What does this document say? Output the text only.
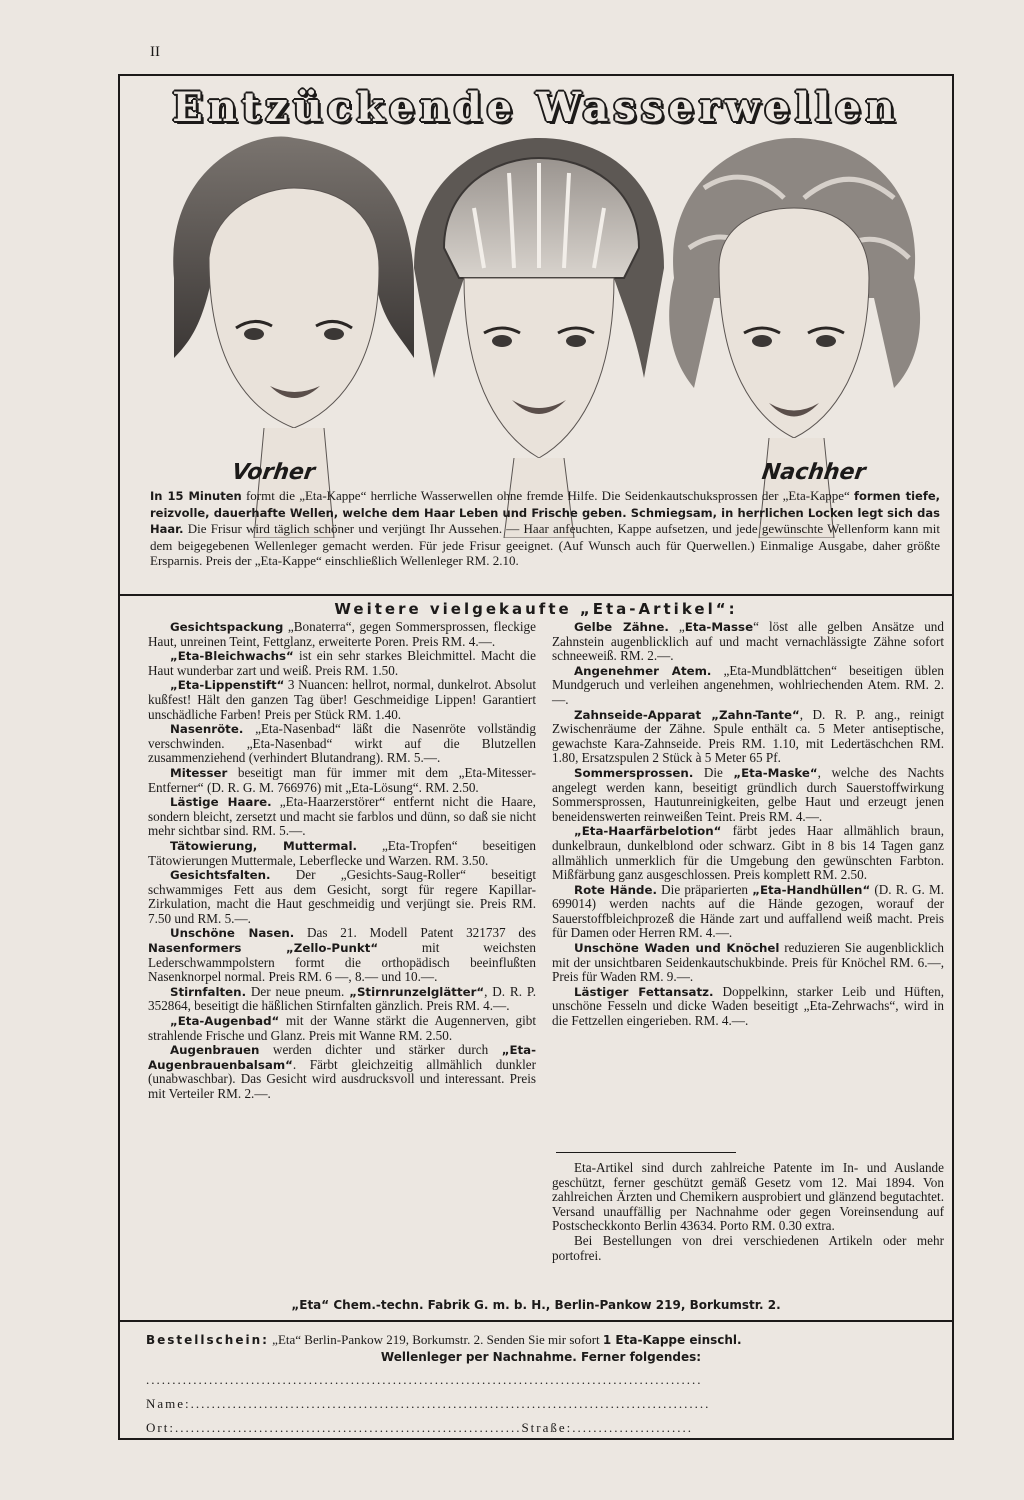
II
Entzückende Wasserwellen
Vorher	Nachher
In 15 Minuten formt die „Eta-Kappe“ herrliche Wasserwellen ohne fremde Hilfe. Die Seidenkautschuksprossen der „Eta-Kappe“ formen tiefe, reizvolle, dauerhafte Wellen, welche dem Haar Leben und Frische geben. Schmiegsam, in herrlichen Locken legt sich das Haar. Die Frisur wird täglich schöner und verjüngt Ihr Aussehen. — Haar anfeuchten, Kappe aufsetzen, und jede gewünschte Wellenform kann mit dem beigegebenen Wellenleger gemacht werden. Für jede Frisur geeignet. (Auf Wunsch auch für Querwellen.) Einmalige Ausgabe, daher größte Ersparnis. Preis der „Eta-Kappe“ einschließlich Wellenleger RM. 2.10.
Weitere vielgekaufte „Eta-Artikel“:

Gesichtspackung „Bonaterra“, gegen Sommersprossen, fleckige Haut, unreinen Teint, Fettglanz, erweiterte Poren. Preis RM. 4.—.

„Eta-Bleichwachs“ ist ein sehr starkes Bleichmittel. Macht die Haut wunderbar zart und weiß. Preis RM. 1.50.

„Eta-Lippenstift“ 3 Nuancen: hellrot, normal, dunkelrot. Absolut kußfest! Hält den ganzen Tag über! Geschmeidige Lippen! Garantiert unschädliche Farben! Preis per Stück RM. 1.40.

Nasenröte. „Eta-Nasenbad“ läßt die Nasenröte vollständig verschwinden. „Eta-Nasenbad“ wirkt auf die Blutzellen zusammenziehend (verhindert Blutandrang). RM. 5.—.

Mitesser beseitigt man für immer mit dem „Eta-Mitesser-Entferner“ (D. R. G. M. 766976) mit „Eta-Lösung“. RM. 2.50.

Lästige Haare. „Eta-Haarzerstörer“ entfernt nicht die Haare, sondern bleicht, zersetzt und macht sie farblos und dünn, so daß sie nicht mehr sichtbar sind. RM. 5.—.

Tätowierung, Muttermal. „Eta-Tropfen“ beseitigen Tätowierungen Muttermale, Leberflecke und Warzen. RM. 3.50.

Gesichtsfalten. Der „Gesichts-Saug-Roller“ beseitigt schwammiges Fett aus dem Gesicht, sorgt für regere Kapillar-Zirkulation, macht die Haut geschmeidig und verjüngt sie. Preis RM. 7.50 und RM. 5.—.

Unschöne Nasen. Das 21. Modell Patent 321737 des Nasenformers „Zello-Punkt“ mit weichsten Lederschwammpolstern formt die orthopädisch beeinflußten Nasenknorpel normal. Preis RM. 6 —, 8.— und 10.—.

Stirnfalten. Der neue pneum. „Stirnrunzelglätter“, D. R. P. 352864, beseitigt die häßlichen Stirnfalten gänzlich. Preis RM. 4.—.

„Eta-Augenbad“ mit der Wanne stärkt die Augennerven, gibt strahlende Frische und Glanz. Preis mit Wanne RM. 2.50.

Augenbrauen werden dichter und stärker durch „Eta-Augenbrauenbalsam“. Färbt gleichzeitig allmählich dunkler (unabwaschbar). Das Gesicht wird ausdrucksvoll und interessant. Preis mit Verteiler RM. 2.—.

Gelbe Zähne. „Eta-Masse“ löst alle gelben Ansätze und Zahnstein augenblicklich auf und macht vernachlässigte Zähne sofort schneeweiß. RM. 2.—.

Angenehmer Atem. „Eta-Mundblättchen“ beseitigen üblen Mundgeruch und verleihen angenehmen, wohlriechenden Atem. RM. 2.—.

Zahnseide-Apparat „Zahn-Tante“, D. R. P. ang., reinigt Zwischenräume der Zähne. Spule enthält ca. 5 Meter antiseptische, gewachste Kara-Zahnseide. Preis RM. 1.10, mit Ledertäschchen RM. 1.80, Ersatzspulen 2 Stück à 5 Meter 65 Pf.

Sommersprossen. Die „Eta-Maske“, welche des Nachts angelegt werden kann, beseitigt gründlich durch Sauerstoffwirkung Sommersprossen, Hautunreinigkeiten, gelbe Haut und erzeugt jenen beneidenswerten reinweißen Teint. Preis RM. 4.—.

„Eta-Haarfärbelotion“ färbt jedes Haar allmählich braun, dunkelbraun, dunkelblond oder schwarz. Gibt in 8 bis 14 Tagen ganz allmählich unmerklich für die Umgebung den gewünschten Farbton. Mißfärbung ganz ausgeschlossen. Preis komplett RM. 2.50.

Rote Hände. Die präparierten „Eta-Handhüllen“ (D. R. G. M. 699014) werden nachts auf die Hände gezogen, worauf der Sauerstoffbleichprozeß die Hände zart und auffallend weiß macht. Preis für Damen oder Herren RM. 4.—.

Unschöne Waden und Knöchel reduzieren Sie augenblicklich mit der unsichtbaren Seidenkautschukbinde. Preis für Knöchel RM. 6.—, Preis für Waden RM. 9.—.

Lästiger Fettansatz. Doppelkinn, starker Leib und Hüften, unschöne Fesseln und dicke Waden beseitigt „Eta-Zehrwachs“, wird in die Fettzellen eingerieben. RM. 4.—.

Eta-Artikel sind durch zahlreiche Patente im In- und Auslande geschützt, ferner geschützt gemäß Gesetz vom 12. Mai 1894. Von zahlreichen Ärzten und Chemikern ausprobiert und glänzend begutachtet. Versand unauffällig per Nachnahme oder gegen Voreinsendung auf Postscheckkonto Berlin 43634. Porto RM. 0.30 extra.

Bei Bestellungen von drei verschiedenen Artikeln oder mehr portofrei.

„Eta“ Chem.-techn. Fabrik G. m. b. H., Berlin-Pankow 219, Borkumstr. 2.
Bestellschein: „Eta“ Berlin-Pankow 219, Borkumstr. 2. Senden Sie mir sofort 1 Eta-Kappe einschl.
Wellenleger per Nachnahme. Ferner folgendes:
..........................................................................................................
Name:...................................................................................................
Ort:..................................................................Straße:.......................
